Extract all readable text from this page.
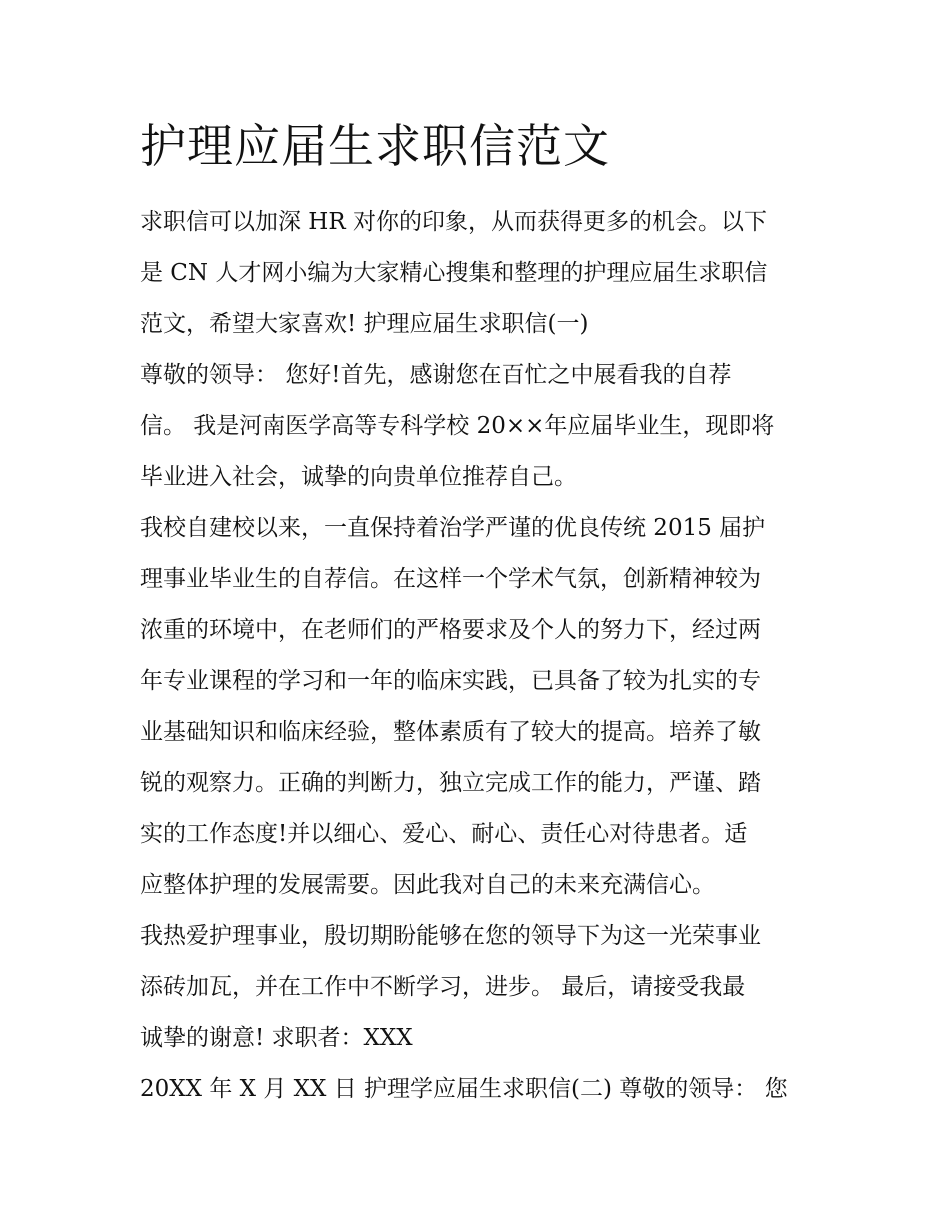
护理应届生求职信范文

求职信可以加深 HR 对你的印象，从而获得更多的机会。以下

是 CN 人才网小编为大家精心搜集和整理的护理应届生求职信

范文，希望大家喜欢! 护理应届生求职信(一)

尊敬的领导： 您好!首先，感谢您在百忙之中展看我的自荐

信。 我是河南医学高等专科学校 20××年应届毕业生，现即将

毕业进入社会，诚挚的向贵单位推荐自己。

我校自建校以来，一直保持着治学严谨的优良传统 2015 届护

理事业毕业生的自荐信。在这样一个学术气氛，创新精神较为

浓重的环境中，在老师们的严格要求及个人的努力下，经过两

年专业课程的学习和一年的临床实践，已具备了较为扎实的专

业基础知识和临床经验，整体素质有了较大的提高。培养了敏

锐的观察力。正确的判断力，独立完成工作的能力，严谨、踏

实的工作态度!并以细心、爱心、耐心、责任心对待患者。适

应整体护理的发展需要。因此我对自己的未来充满信心。

我热爱护理事业，殷切期盼能够在您的领导下为这一光荣事业

添砖加瓦，并在工作中不断学习，进步。 最后，请接受我最

诚挚的谢意! 求职者：XXX

20XX 年 X 月 XX 日 护理学应届生求职信(二) 尊敬的领导： 您
